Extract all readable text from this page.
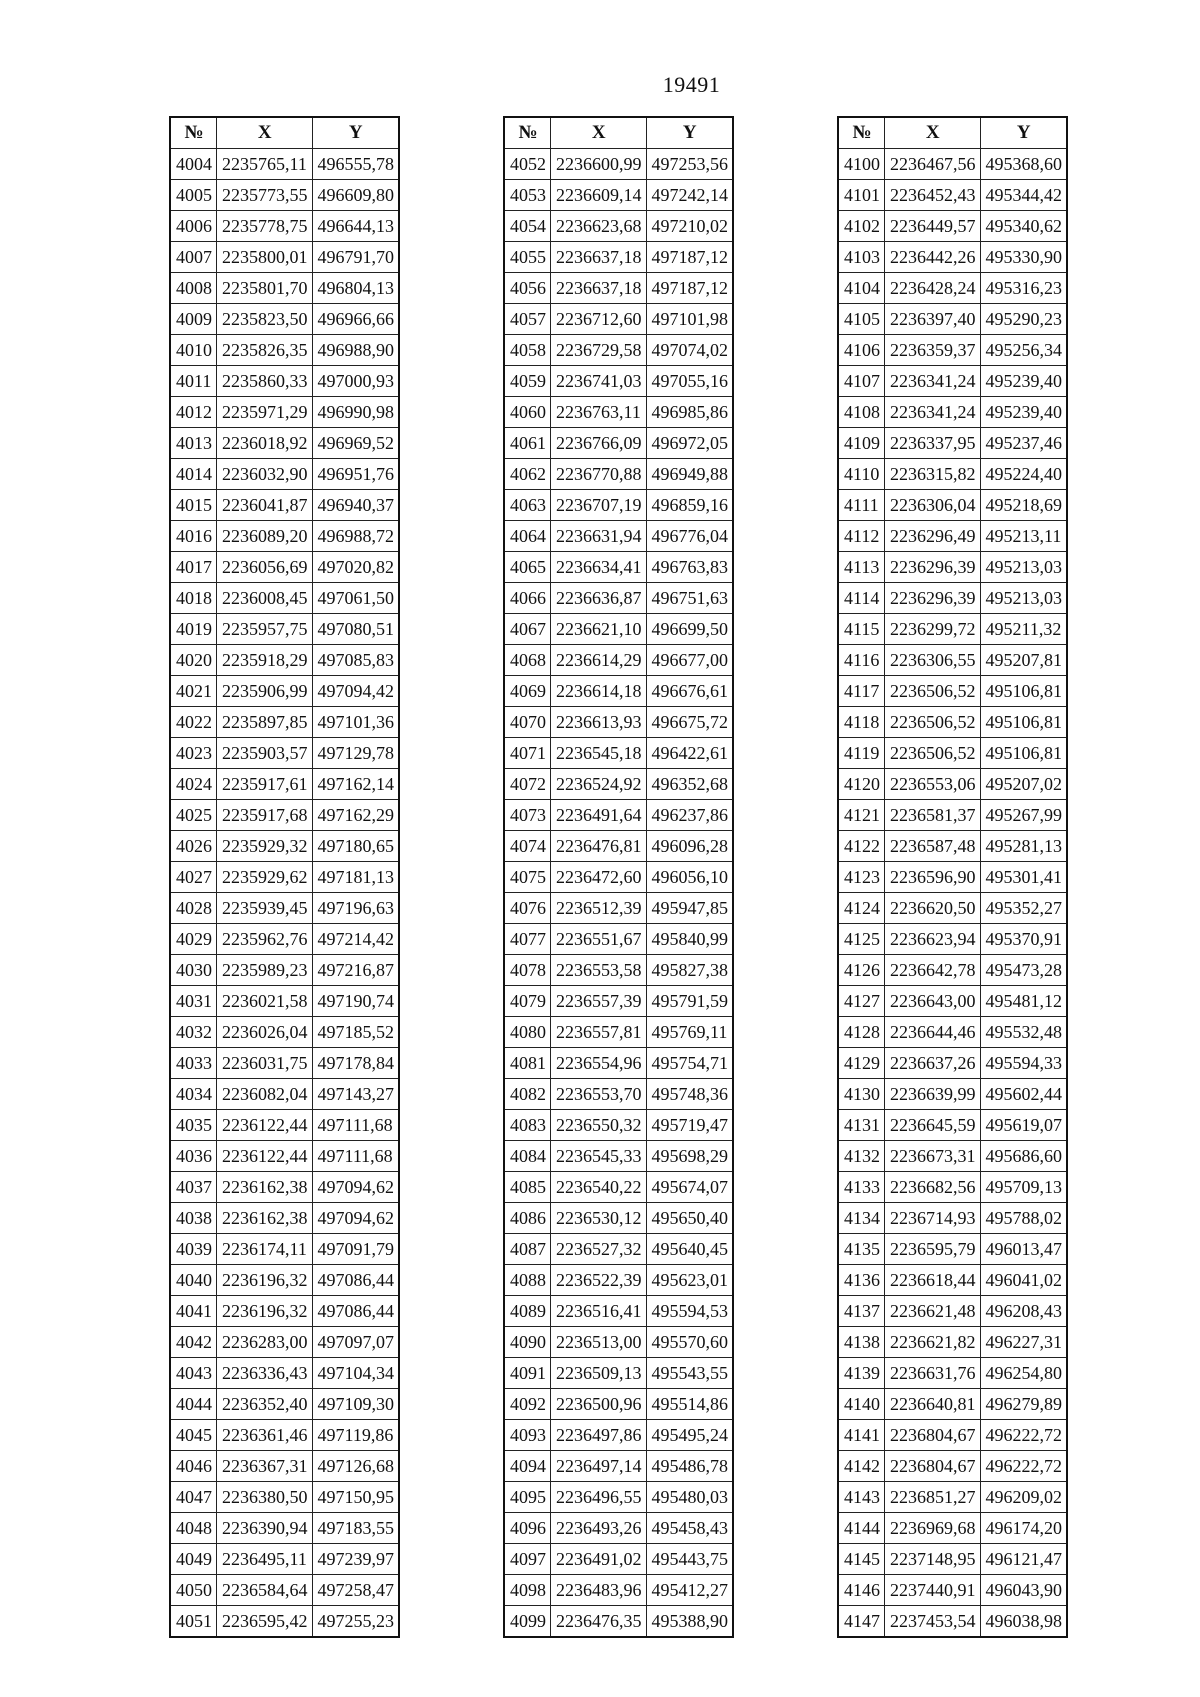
19491
№	X	Y
4004	2235765,11	496555,78
4005	2235773,55	496609,80
4006	2235778,75	496644,13
4007	2235800,01	496791,70
4008	2235801,70	496804,13
4009	2235823,50	496966,66
4010	2235826,35	496988,90
4011	2235860,33	497000,93
4012	2235971,29	496990,98
4013	2236018,92	496969,52
4014	2236032,90	496951,76
4015	2236041,87	496940,37
4016	2236089,20	496988,72
4017	2236056,69	497020,82
4018	2236008,45	497061,50
4019	2235957,75	497080,51
4020	2235918,29	497085,83
4021	2235906,99	497094,42
4022	2235897,85	497101,36
4023	2235903,57	497129,78
4024	2235917,61	497162,14
4025	2235917,68	497162,29
4026	2235929,32	497180,65
4027	2235929,62	497181,13
4028	2235939,45	497196,63
4029	2235962,76	497214,42
4030	2235989,23	497216,87
4031	2236021,58	497190,74
4032	2236026,04	497185,52
4033	2236031,75	497178,84
4034	2236082,04	497143,27
4035	2236122,44	497111,68
4036	2236122,44	497111,68
4037	2236162,38	497094,62
4038	2236162,38	497094,62
4039	2236174,11	497091,79
4040	2236196,32	497086,44
4041	2236196,32	497086,44
4042	2236283,00	497097,07
4043	2236336,43	497104,34
4044	2236352,40	497109,30
4045	2236361,46	497119,86
4046	2236367,31	497126,68
4047	2236380,50	497150,95
4048	2236390,94	497183,55
4049	2236495,11	497239,97
4050	2236584,64	497258,47
4051	2236595,42	497255,23
№	X	Y
4052	2236600,99	497253,56
4053	2236609,14	497242,14
4054	2236623,68	497210,02
4055	2236637,18	497187,12
4056	2236637,18	497187,12
4057	2236712,60	497101,98
4058	2236729,58	497074,02
4059	2236741,03	497055,16
4060	2236763,11	496985,86
4061	2236766,09	496972,05
4062	2236770,88	496949,88
4063	2236707,19	496859,16
4064	2236631,94	496776,04
4065	2236634,41	496763,83
4066	2236636,87	496751,63
4067	2236621,10	496699,50
4068	2236614,29	496677,00
4069	2236614,18	496676,61
4070	2236613,93	496675,72
4071	2236545,18	496422,61
4072	2236524,92	496352,68
4073	2236491,64	496237,86
4074	2236476,81	496096,28
4075	2236472,60	496056,10
4076	2236512,39	495947,85
4077	2236551,67	495840,99
4078	2236553,58	495827,38
4079	2236557,39	495791,59
4080	2236557,81	495769,11
4081	2236554,96	495754,71
4082	2236553,70	495748,36
4083	2236550,32	495719,47
4084	2236545,33	495698,29
4085	2236540,22	495674,07
4086	2236530,12	495650,40
4087	2236527,32	495640,45
4088	2236522,39	495623,01
4089	2236516,41	495594,53
4090	2236513,00	495570,60
4091	2236509,13	495543,55
4092	2236500,96	495514,86
4093	2236497,86	495495,24
4094	2236497,14	495486,78
4095	2236496,55	495480,03
4096	2236493,26	495458,43
4097	2236491,02	495443,75
4098	2236483,96	495412,27
4099	2236476,35	495388,90
№	X	Y
4100	2236467,56	495368,60
4101	2236452,43	495344,42
4102	2236449,57	495340,62
4103	2236442,26	495330,90
4104	2236428,24	495316,23
4105	2236397,40	495290,23
4106	2236359,37	495256,34
4107	2236341,24	495239,40
4108	2236341,24	495239,40
4109	2236337,95	495237,46
4110	2236315,82	495224,40
4111	2236306,04	495218,69
4112	2236296,49	495213,11
4113	2236296,39	495213,03
4114	2236296,39	495213,03
4115	2236299,72	495211,32
4116	2236306,55	495207,81
4117	2236506,52	495106,81
4118	2236506,52	495106,81
4119	2236506,52	495106,81
4120	2236553,06	495207,02
4121	2236581,37	495267,99
4122	2236587,48	495281,13
4123	2236596,90	495301,41
4124	2236620,50	495352,27
4125	2236623,94	495370,91
4126	2236642,78	495473,28
4127	2236643,00	495481,12
4128	2236644,46	495532,48
4129	2236637,26	495594,33
4130	2236639,99	495602,44
4131	2236645,59	495619,07
4132	2236673,31	495686,60
4133	2236682,56	495709,13
4134	2236714,93	495788,02
4135	2236595,79	496013,47
4136	2236618,44	496041,02
4137	2236621,48	496208,43
4138	2236621,82	496227,31
4139	2236631,76	496254,80
4140	2236640,81	496279,89
4141	2236804,67	496222,72
4142	2236804,67	496222,72
4143	2236851,27	496209,02
4144	2236969,68	496174,20
4145	2237148,95	496121,47
4146	2237440,91	496043,90
4147	2237453,54	496038,98
